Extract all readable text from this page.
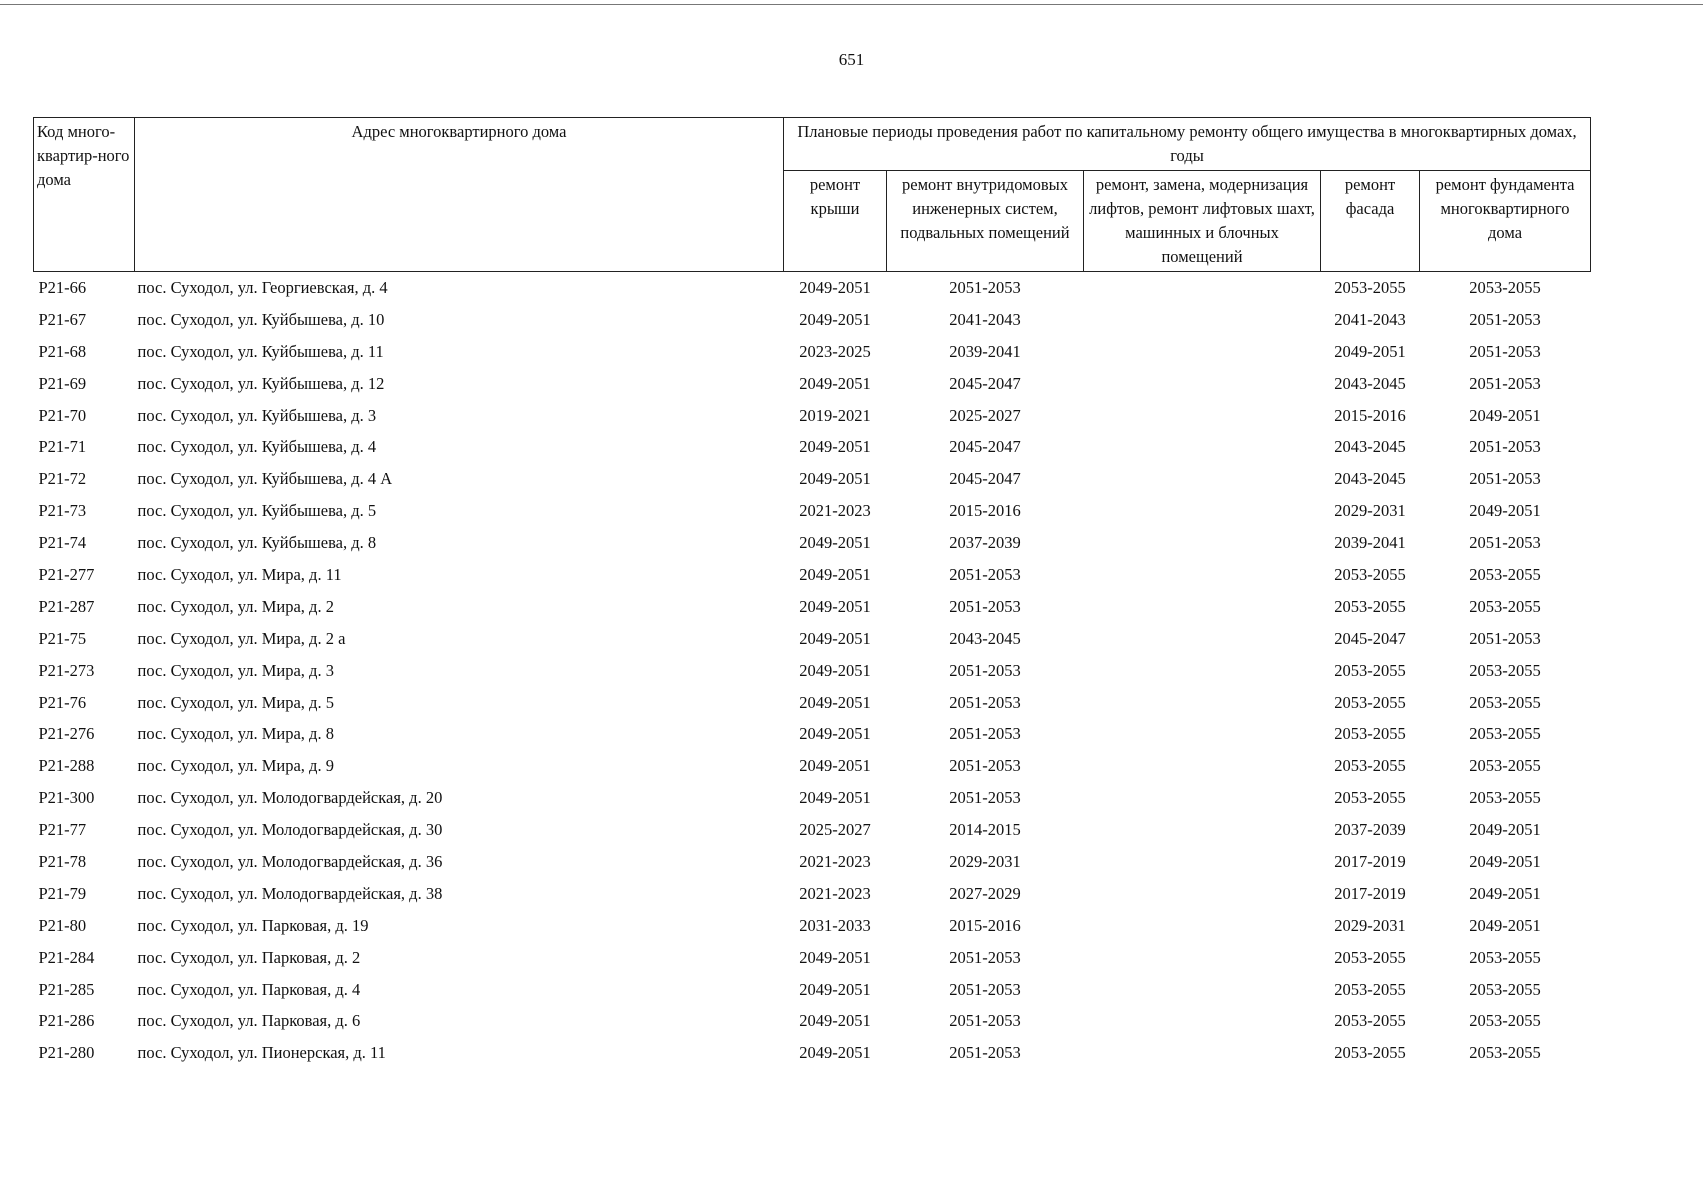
651
Код много-квартир-ного дома	Адрес многоквартирного дома	Плановые периоды проведения работ по капитальному ремонту общего имущества в многоквартирных домах, годы				
		ремонт крыши	ремонт внутридомовых инженерных систем, подвальных помещений	ремонт, замена, модернизация лифтов, ремонт лифтовых шахт, машинных и блочных помещений	ремонт фасада	ремонт фундамента многоквартирного дома
Р21-66	пос. Суходол, ул. Георгиевская, д. 4	2049-2051	2051-2053		2053-2055	2053-2055
Р21-67	пос. Суходол, ул. Куйбышева, д. 10	2049-2051	2041-2043		2041-2043	2051-2053
Р21-68	пос. Суходол, ул. Куйбышева, д. 11	2023-2025	2039-2041		2049-2051	2051-2053
Р21-69	пос. Суходол, ул. Куйбышева, д. 12	2049-2051	2045-2047		2043-2045	2051-2053
Р21-70	пос. Суходол, ул. Куйбышева, д. 3	2019-2021	2025-2027		2015-2016	2049-2051
Р21-71	пос. Суходол, ул. Куйбышева, д. 4	2049-2051	2045-2047		2043-2045	2051-2053
Р21-72	пос. Суходол, ул. Куйбышева, д. 4 А	2049-2051	2045-2047		2043-2045	2051-2053
Р21-73	пос. Суходол, ул. Куйбышева, д. 5	2021-2023	2015-2016		2029-2031	2049-2051
Р21-74	пос. Суходол, ул. Куйбышева, д. 8	2049-2051	2037-2039		2039-2041	2051-2053
Р21-277	пос. Суходол, ул. Мира, д. 11	2049-2051	2051-2053		2053-2055	2053-2055
Р21-287	пос. Суходол, ул. Мира, д. 2	2049-2051	2051-2053		2053-2055	2053-2055
Р21-75	пос. Суходол, ул. Мира, д. 2 а	2049-2051	2043-2045		2045-2047	2051-2053
Р21-273	пос. Суходол, ул. Мира, д. 3	2049-2051	2051-2053		2053-2055	2053-2055
Р21-76	пос. Суходол, ул. Мира, д. 5	2049-2051	2051-2053		2053-2055	2053-2055
Р21-276	пос. Суходол, ул. Мира, д. 8	2049-2051	2051-2053		2053-2055	2053-2055
Р21-288	пос. Суходол, ул. Мира, д. 9	2049-2051	2051-2053		2053-2055	2053-2055
Р21-300	пос. Суходол, ул. Молодогвардейская, д. 20	2049-2051	2051-2053		2053-2055	2053-2055
Р21-77	пос. Суходол, ул. Молодогвардейская, д. 30	2025-2027	2014-2015		2037-2039	2049-2051
Р21-78	пос. Суходол, ул. Молодогвардейская, д. 36	2021-2023	2029-2031		2017-2019	2049-2051
Р21-79	пос. Суходол, ул. Молодогвардейская, д. 38	2021-2023	2027-2029		2017-2019	2049-2051
Р21-80	пос. Суходол, ул. Парковая, д. 19	2031-2033	2015-2016		2029-2031	2049-2051
Р21-284	пос. Суходол, ул. Парковая, д. 2	2049-2051	2051-2053		2053-2055	2053-2055
Р21-285	пос. Суходол, ул. Парковая, д. 4	2049-2051	2051-2053		2053-2055	2053-2055
Р21-286	пос. Суходол, ул. Парковая, д. 6	2049-2051	2051-2053		2053-2055	2053-2055
Р21-280	пос. Суходол, ул. Пионерская, д. 11	2049-2051	2051-2053		2053-2055	2053-2055
